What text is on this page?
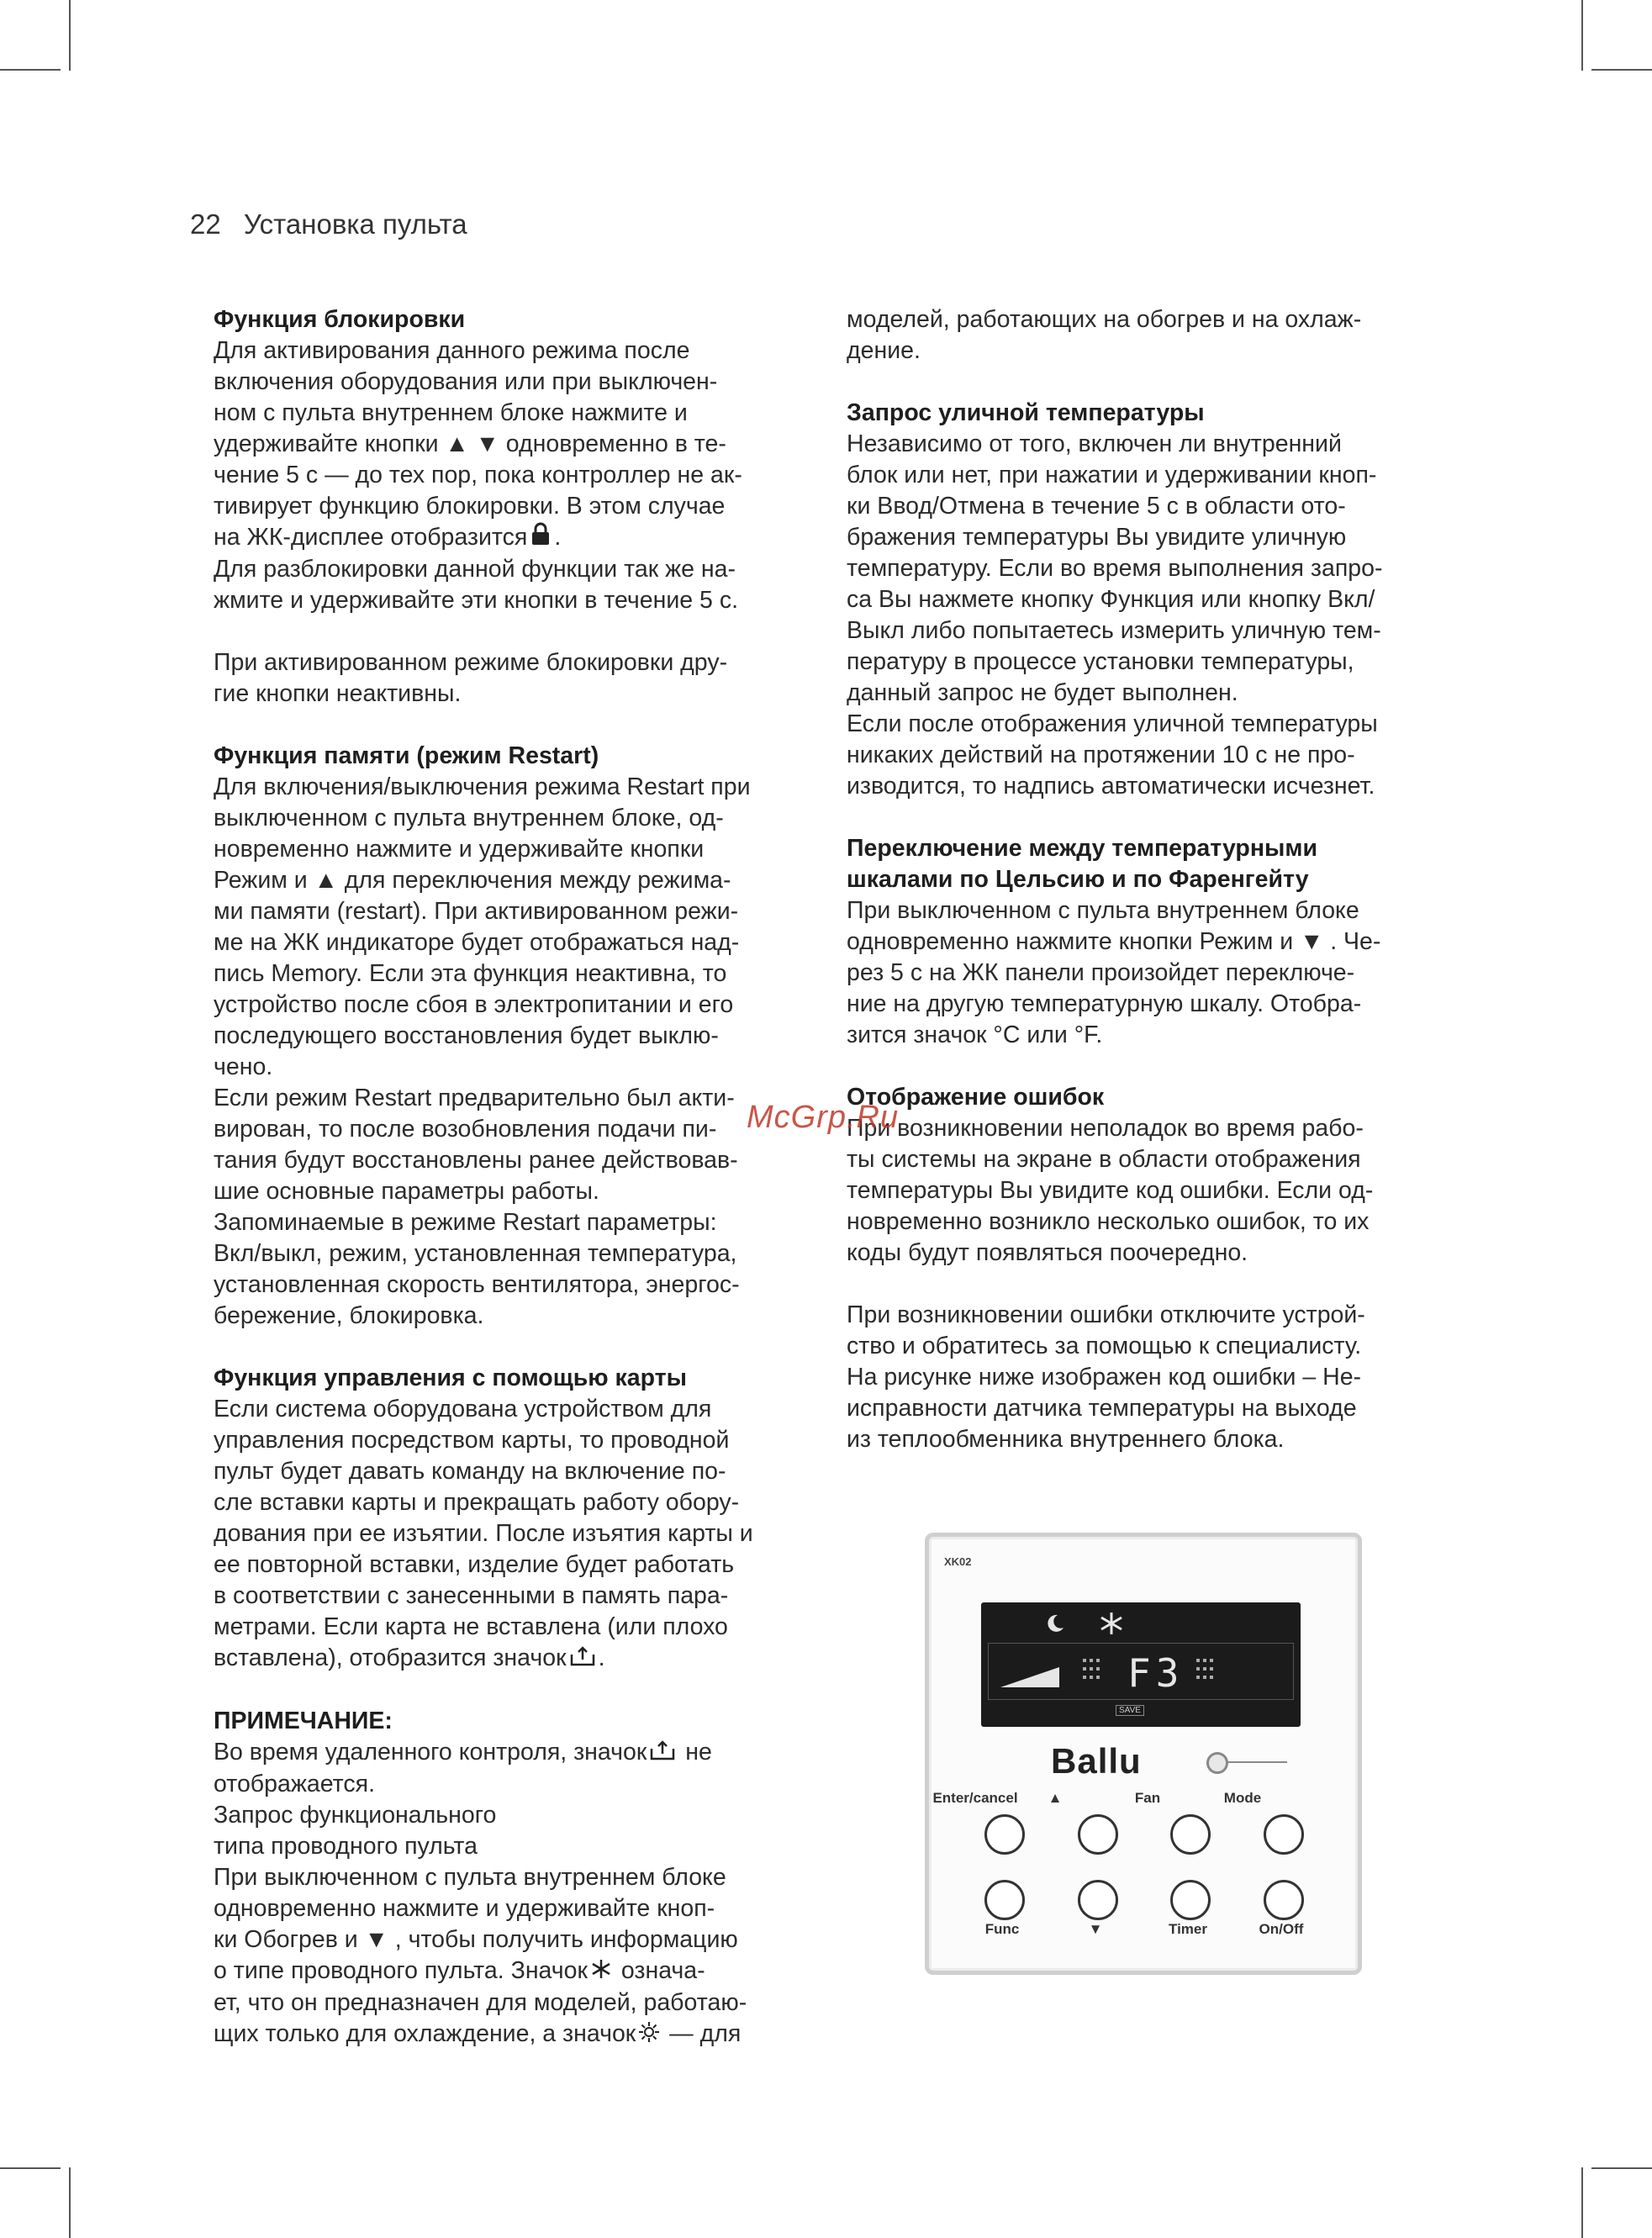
22 Установка пульта

Функция блокировки

Для активирования данного режима после

включения оборудования или при выключен-

ном с пульта внутреннем блоке нажмите и

удерживайте кнопки ▲ ▼ одновременно в те-

чение 5 с — до тех пор, пока контроллер не ак-

тивирует функцию блокировки. В этом случае

на ЖК-дисплее отобразится .

Для разблокировки данной функции так же на-

жмите и удерживайте эти кнопки в течение 5 с.

При активированном режиме блокировки дру-

гие кнопки неактивны.

Функция памяти (режим Restart)

Для включения/выключения режима Restart при

выключенном с пульта внутреннем блоке, од-

новременно нажмите и удерживайте кнопки

Режим и ▲ для переключения между режима-

ми памяти (restart). При активированном режи-

ме на ЖК индикаторе будет отображаться над-

пись Memory. Если эта функция неактивна, то

устройство после сбоя в электропитании и его

последующего восстановления будет выклю-

чено.

Если режим Restart предварительно был акти-

вирован, то после возобновления подачи пи-

тания будут восстановлены ранее действовав-

шие основные параметры работы.

Запоминаемые в режиме Restart параметры:

Вкл/выкл, режим, установленная температура,

установленная скорость вентилятора, энергос-

бережение, блокировка.

Функция управления с помощью карты

Если система оборудована устройством для

управления посредством карты, то проводной

пульт будет давать команду на включение по-

сле вставки карты и прекращать работу обору-

дования при ее изъятии. После изъятия карты и

ее повторной вставки, изделие будет работать

в соответствии с занесенными в память пара-

метрами. Если карта не вставлена (или плохо

вставлена), отобразится значок .

ПРИМЕЧАНИЕ:

Во время удаленного контроля, значок не

отображается.

Запрос функционального

типа проводного пульта

При выключенном с пульта внутреннем блоке

одновременно нажмите и удерживайте кноп-

ки Обогрев и ▼ , чтобы получить информацию

о типе проводного пульта. Значок означа-

ет, что он предназначен для моделей, работаю-

щих только для охлаждение, а значок — для

моделей, работающих на обогрев и на охлаж-

дение.

Запрос уличной температуры

Независимо от того, включен ли внутренний

блок или нет, при нажатии и удерживании кноп-

ки Ввод/Отмена в течение 5 с в области ото-

бражения температуры Вы увидите уличную

температуру. Если во время выполнения запро-

са Вы нажмете кнопку Функция или кнопку Вкл/

Выкл либо попытаетесь измерить уличную тем-

пературу в процессе установки температуры,

данный запрос не будет выполнен.

Если после отображения уличной температуры

никаких действий на протяжении 10 с не про-

изводится, то надпись автоматически исчезнет.

Переключение между температурными

шкалами по Цельсию и по Фаренгейту

При выключенном с пульта внутреннем блоке

одновременно нажмите кнопки Режим и ▼ . Че-

рез 5 с на ЖК панели произойдет переключе-

ние на другую температурную шкалу. Отобра-

зится значок °С или °F.

Отображение ошибок

При возникновении неполадок во время рабо-

ты системы на экране в области отображения

температуры Вы увидите код ошибки. Если од-

новременно возникло несколько ошибок, то их

коды будут появляться поочередно.

При возникновении ошибки отключите устрой-

ство и обратитесь за помощью к специалисту.

На рисунке ниже изображен код ошибки – Не-

исправности датчика температуры на выходе

из теплообменника внутреннего блока.

McGrp.Ru
XK02
F3
SAVE
Ballu
Enter/cancel	▲	Fan	Mode
Func	▼	Timer	On/Off
